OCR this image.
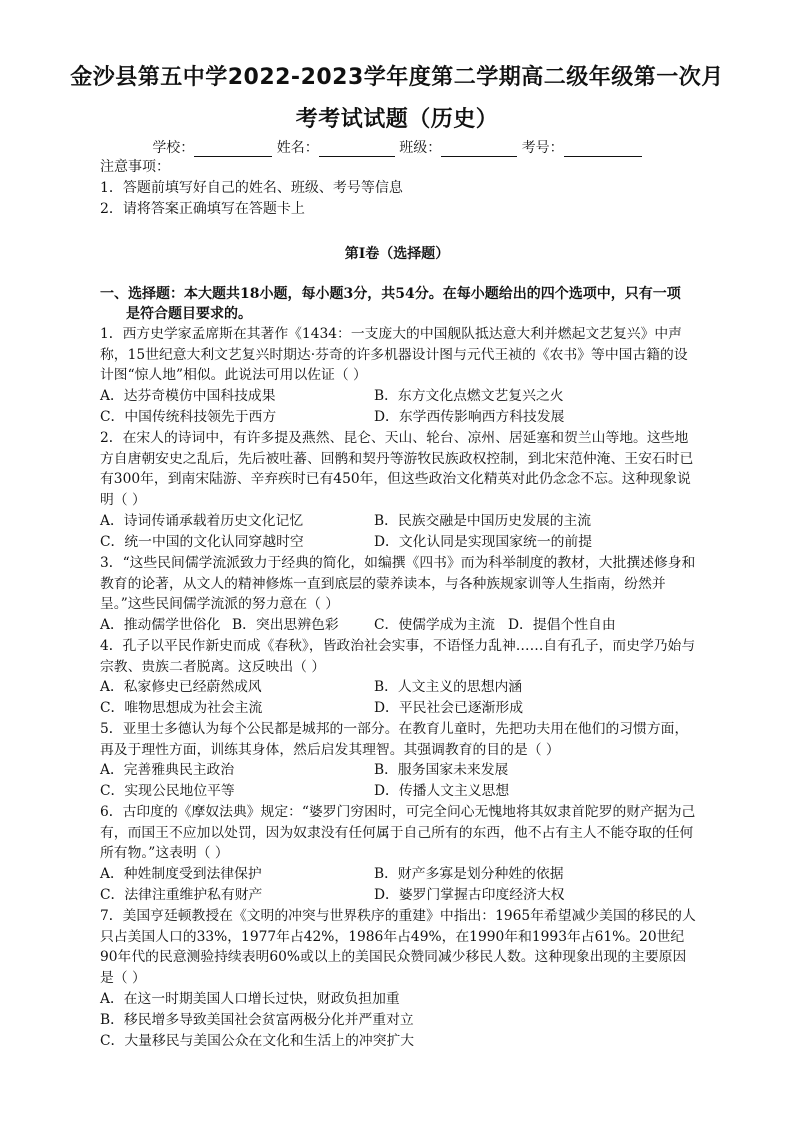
金沙县第五中学2022-2023学年度第二学期高二级年级第一次月
考考试试题（历史）
学校：	姓名：	班级：	考号：
注意事项：
1．答题前填写好自己的姓名、班级、考号等信息
2．请将答案正确填写在答题卡上
第Ⅰ卷（选择题）
一、选择题：本大题共18小题，每小题3分，共54分。在每小题给出的四个选项中，只有一项
是符合题目要求的。
1．西方史学家孟席斯在其著作《1434：一支庞大的中国舰队抵达意大利并燃起文艺复兴》中声称，15世纪意大利文艺复兴时期达·芬奇的许多机器设计图与元代王祯的《农书》等中国古籍的设计图“惊人地”相似。此说法可用以佐证（ ）
A．达芬奇模仿中国科技成果	B．东方文化点燃文艺复兴之火
C．中国传统科技领先于西方	D．东学西传影响西方科技发展
2．在宋人的诗词中，有许多提及燕然、昆仑、天山、轮台、凉州、居延塞和贺兰山等地。这些地方自唐朝安史之乱后，先后被吐蕃、回鹘和契丹等游牧民族政权控制，到北宋范仲淹、王安石时已有300年，到南宋陆游、辛弃疾时已有450年，但这些政治文化精英对此仍念念不忘。这种现象说明（ ）
A．诗词传诵承载着历史文化记忆	B．民族交融是中国历史发展的主流
C．统一中国的文化认同穿越时空	D．文化认同是实现国家统一的前提
3．“这些民间儒学流派致力于经典的简化，如编撰《四书》而为科举制度的教材，大批撰述修身和教育的论著，从文人的精神修炼一直到底层的蒙养读本，与各种族规家训等人生指南，纷然并呈。”这些民间儒学流派的努力意在（ ）
A．推动儒学世俗化 B．突出思辨色彩	C．使儒学成为主流 D．提倡个性自由
4．孔子以平民作新史而成《春秋》，皆政治社会实事，不语怪力乱神……自有孔子，而史学乃始与宗教、贵族二者脱离。这反映出（ ）
A．私家修史已经蔚然成风	B．人文主义的思想内涵
C．唯物思想成为社会主流	D．平民社会已逐渐形成
5．亚里士多德认为每个公民都是城邦的一部分。在教育儿童时，先把功夫用在他们的习惯方面，再及于理性方面，训练其身体，然后启发其理智。其强调教育的目的是（ ）
A．完善雅典民主政治	B．服务国家未来发展
C．实现公民地位平等	D．传播人文主义思想
6．古印度的《摩奴法典》规定：“婆罗门穷困时，可完全问心无愧地将其奴隶首陀罗的财产据为己有，而国王不应加以处罚，因为奴隶没有任何属于自己所有的东西，他不占有主人不能夺取的任何所有物。”这表明（ ）
A．种姓制度受到法律保护	B．财产多寡是划分种姓的依据
C．法律注重维护私有财产	D．婆罗门掌握古印度经济大权
7．美国亨廷顿教授在《文明的冲突与世界秩序的重建》中指出：1965年希望减少美国的移民的人只占美国人口的33%，1977年占42%，1986年占49%，在1990年和1993年占61%。20世纪90年代的民意测验持续表明60%或以上的美国民众赞同减少移民人数。这种现象出现的主要原因是（ ）
A．在这一时期美国人口增长过快，财政负担加重
B．移民增多导致美国社会贫富两极分化并严重对立
C．大量移民与美国公众在文化和生活上的冲突扩大
